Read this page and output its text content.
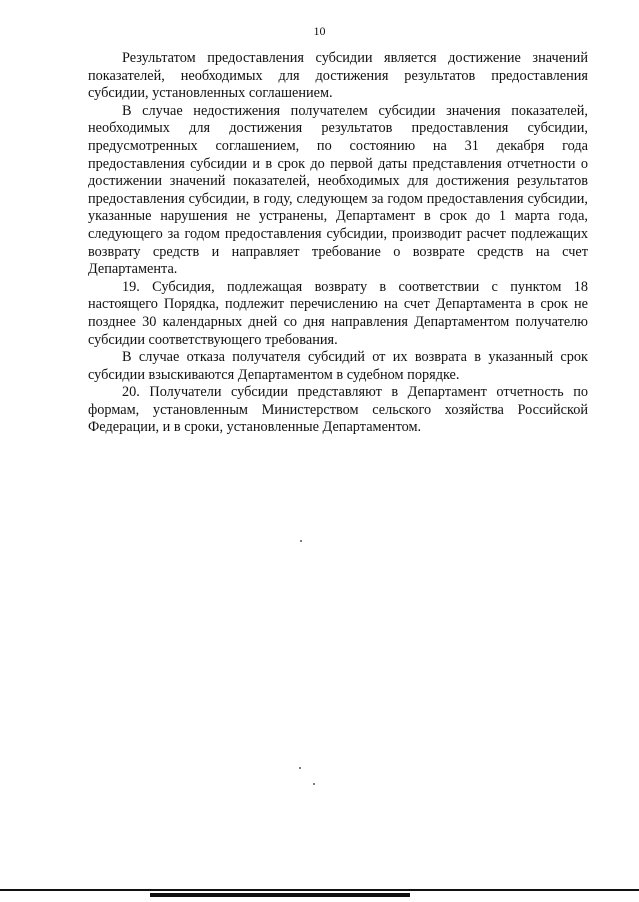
10

Результатом предоставления субсидии является достижение значений показателей, необходимых для достижения результатов предоставления субсидии, установленных соглашением.

В случае недостижения получателем субсидии значения показателей, необходимых для достижения результатов предоставления субсидии, предусмотренных соглашением, по состоянию на 31 декабря года предоставления субсидии и в срок до первой даты представления отчетности о достижении значений показателей, необходимых для достижения результатов предоставления субсидии, в году, следующем за годом предоставления субсидии, указанные нарушения не устранены, Департамент в срок до 1 марта года, следующего за годом предоставления субсидии, производит расчет подлежащих возврату средств и направляет требование о возврате средств на счет Департамента.

19. Субсидия, подлежащая возврату в соответствии с пунктом 18 настоящего Порядка, подлежит перечислению на счет Департамента в срок не позднее 30 календарных дней со дня направления Департаментом получателю субсидии соответствующего требования.

В случае отказа получателя субсидий от их возврата в указанный срок субсидии взыскиваются Департаментом в судебном порядке.

20. Получатели субсидии представляют в Департамент отчетность по формам, установленным Министерством сельского хозяйства Российской Федерации, и в сроки, установленные Департаментом.
